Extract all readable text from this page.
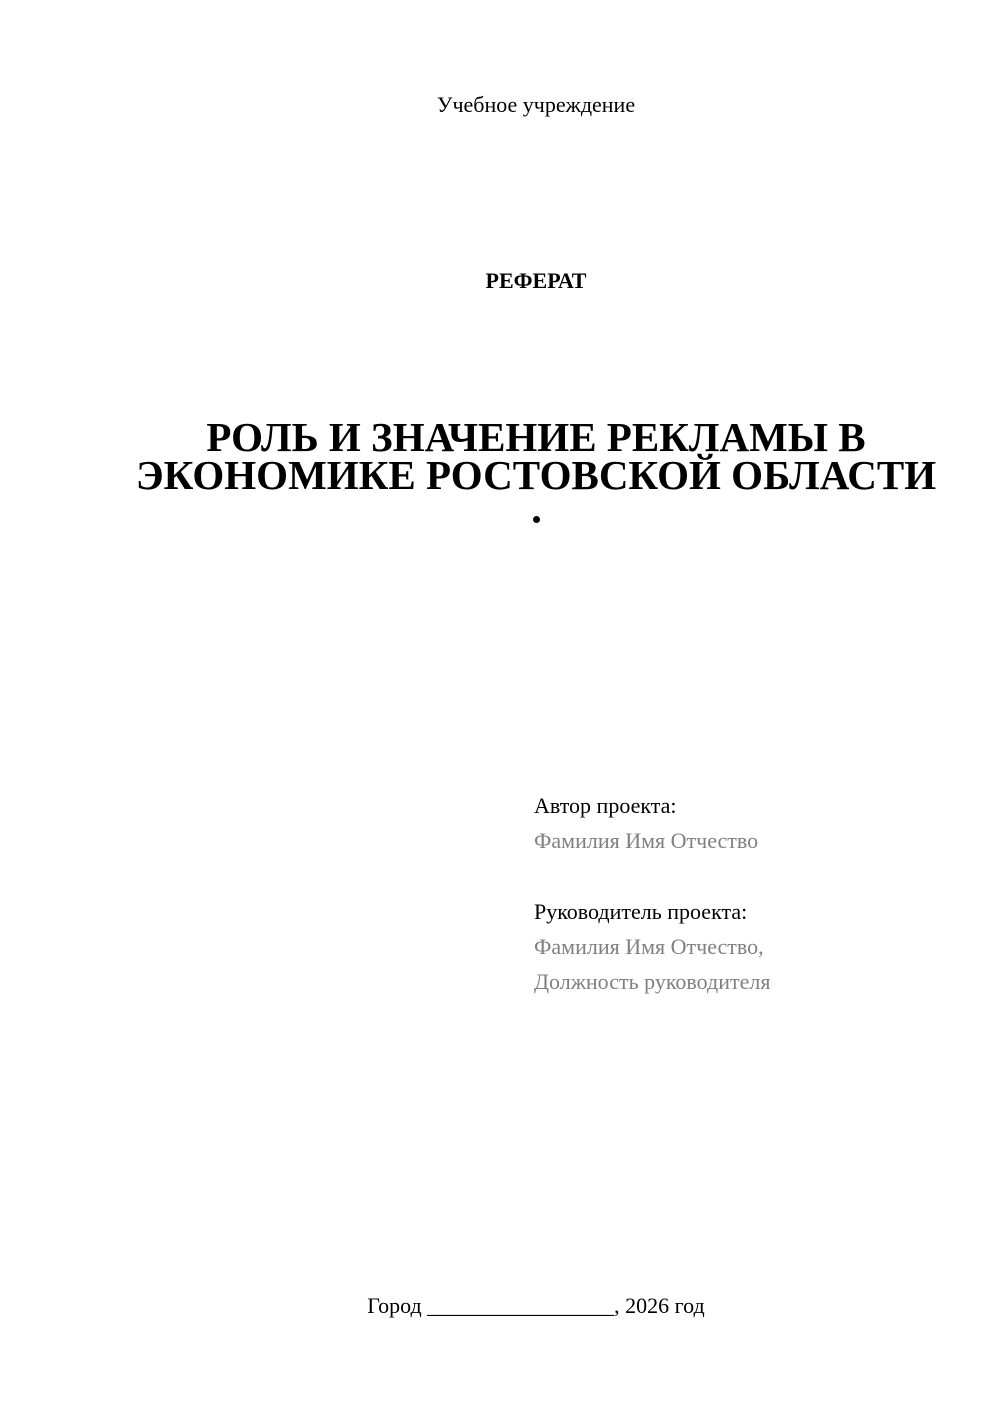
Учебное учреждение
РЕФЕРАТ
РОЛЬ И ЗНАЧЕНИЕ РЕКЛАМЫ В
ЭКОНОМИКЕ РОСТОВСКОЙ ОБЛАСТИ
Автор проекта:
Фамилия Имя Отчество
Руководитель проекта:
Фамилия Имя Отчество,
Должность руководителя
Город _________________, 2026 год
